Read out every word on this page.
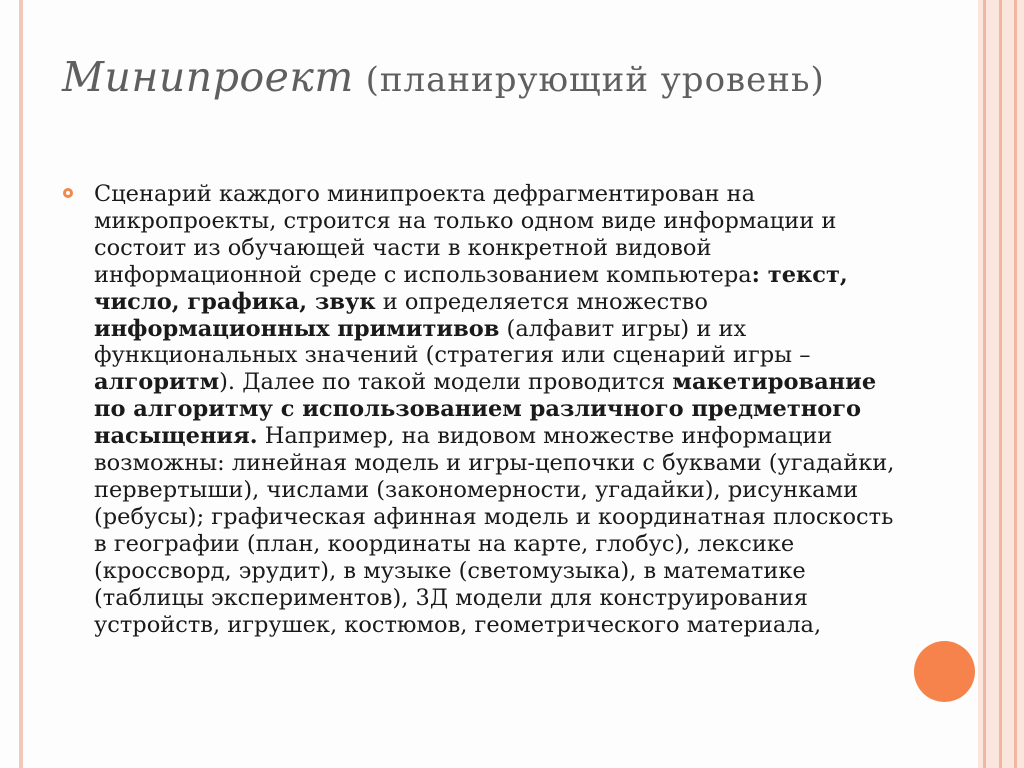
Минипроект (планирующий уровень)

Сценарий каждого минипроекта дефрагментирован на микропроекты, строится на только одном виде информации и состоит из обучающей части в конкретной видовой информационной среде с использованием компьютера: текст, число, графика, звук и определяется множество информационных примитивов (алфавит игры) и их функциональных значений (стратегия или сценарий игры – алгоритм). Далее по такой модели проводится макетирование по алгоритму с использованием различного предметного насыщения. Например, на видовом множестве информации возможны: линейная модель и игры-цепочки с буквами (угадайки, первертыши), числами (закономерности, угадайки), рисунками (ребусы); графическая афинная модель и координатная плоскость в географии (план, координаты на карте, глобус), лексике (кроссворд, эрудит), в музыке (светомузыка), в математике (таблицы экспериментов), 3Д модели для конструирования устройств, игрушек, костюмов, геометрического материала,
